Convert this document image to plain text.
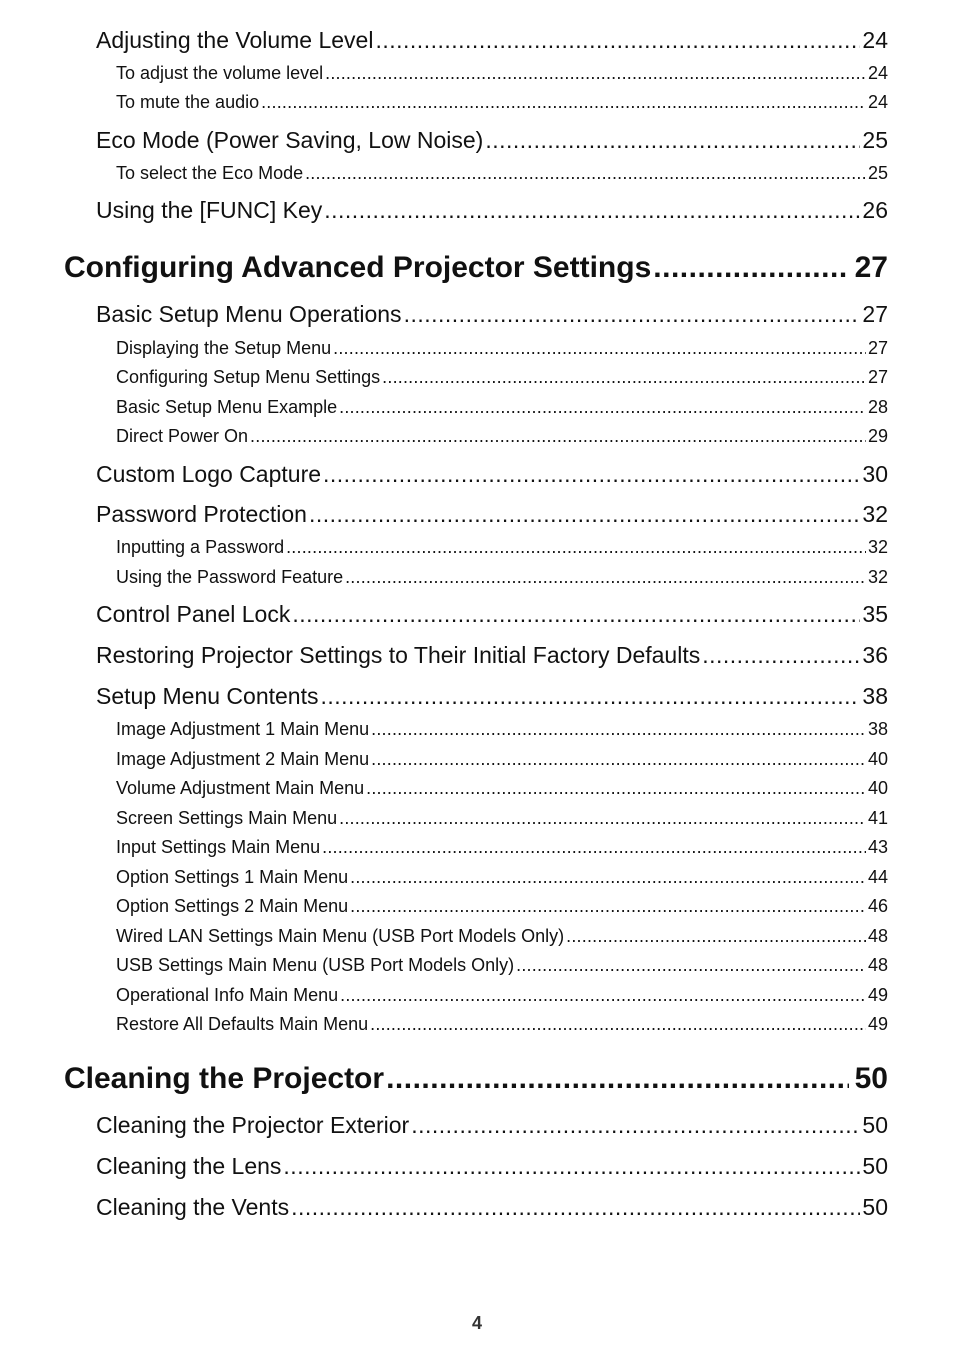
Adjusting the Volume Level .....	24
To adjust the volume level .....	24
To mute the audio .....	24
Eco Mode (Power Saving, Low Noise) .....	25
To select the Eco Mode .....	25
Using the [FUNC] Key .....	26
Configuring Advanced Projector Settings .....	27
Basic Setup Menu Operations .....	27
Displaying the Setup Menu .....	27
Configuring Setup Menu Settings .....	27
Basic Setup Menu Example .....	28
Direct Power On .....	29
Custom Logo Capture .....	30
Password Protection .....	32
Inputting a Password .....	32
Using the Password Feature .....	32
Control Panel Lock .....	35
Restoring Projector Settings to Their Initial Factory Defaults .....	36
Setup Menu Contents .....	38
Image Adjustment 1 Main Menu .....	38
Image Adjustment 2 Main Menu .....	40
Volume Adjustment Main Menu .....	40
Screen Settings Main Menu .....	41
Input Settings Main Menu .....	43
Option Settings 1 Main Menu .....	44
Option Settings 2 Main Menu .....	46
Wired LAN Settings Main Menu (USB Port Models Only) .....	48
USB Settings Main Menu (USB Port Models Only) .....	48
Operational Info Main Menu .....	49
Restore All Defaults Main Menu .....	49
Cleaning the Projector .....	50
Cleaning the Projector Exterior .....	50
Cleaning the Lens .....	50
Cleaning the Vents .....	50
4
